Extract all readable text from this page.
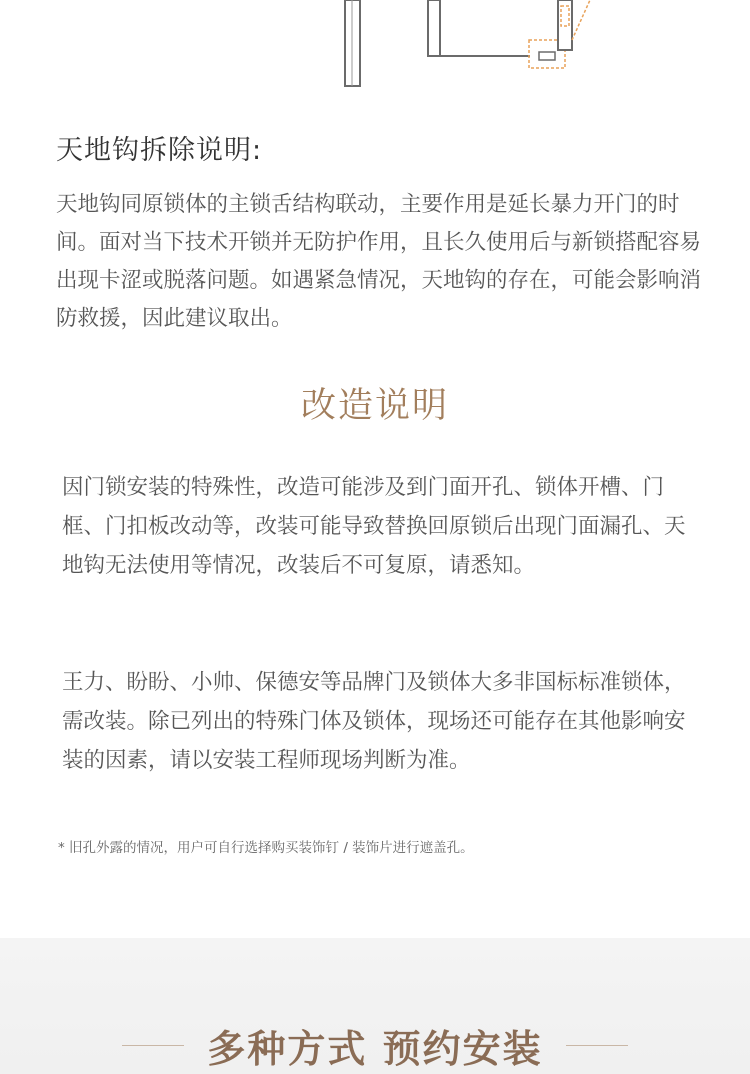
天地钩拆除说明:

天地钩同原锁体的主锁舌结构联动，主要作用是延长暴力开门的时间。面对当下技术开锁并无防护作用，且长久使用后与新锁搭配容易出现卡涩或脱落问题。如遇紧急情况，天地钩的存在，可能会影响消防救援，因此建议取出。

改造说明

因门锁安装的特殊性，改造可能涉及到门面开孔、锁体开槽、门框、门扣板改动等，改装可能导致替换回原锁后出现门面漏孔、天地钩无法使用等情况，改装后不可复原，请悉知。

王力、盼盼、小帅、保德安等品牌门及锁体大多非国标标准锁体，需改装。除已列出的特殊门体及锁体，现场还可能存在其他影响安装的因素，请以安装工程师现场判断为准。

* 旧孔外露的情况，用户可自行选择购买装饰钉 / 装饰片进行遮盖孔。

多种方式 预约安装
